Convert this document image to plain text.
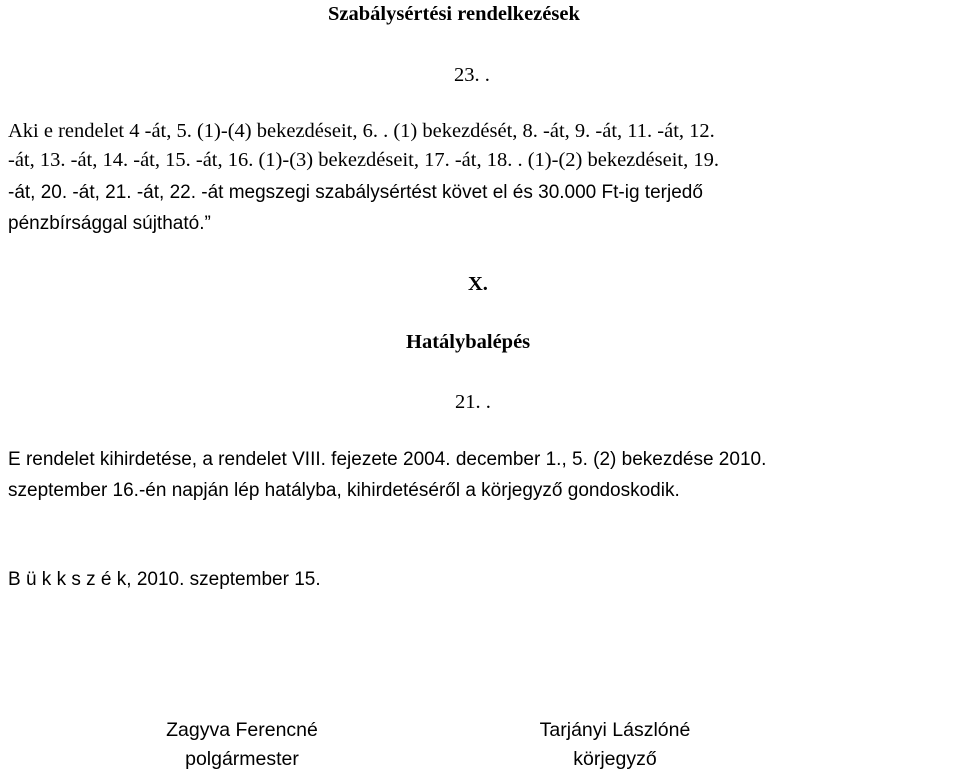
Szabálysértési rendelkezések
23. .
Aki e rendelet 4 -át, 5. (1)-(4) bekezdéseit, 6. . (1) bekezdését, 8. -át, 9. -át, 11. -át, 12.
-át, 13. -át, 14. -át, 15. -át, 16. (1)-(3) bekezdéseit, 17. -át, 18. . (1)-(2) bekezdéseit, 19.
-át, 20. -át, 21. -át, 22. -át megszegi szabálysértést követ el és 30.000 Ft-ig terjedő
pénzbírsággal sújtható.”
X.
Hatálybalépés
21. .
E rendelet kihirdetése, a rendelet VIII. fejezete 2004. december 1., 5. (2) bekezdése 2010.
szeptember 16.-én napján lép hatályba, kihirdetéséről a körjegyző gondoskodik.
B ü k k s z é k, 2010. szeptember 15.
Zagyva Ferencné
polgármester
Tarjányi Lászlóné
körjegyző
